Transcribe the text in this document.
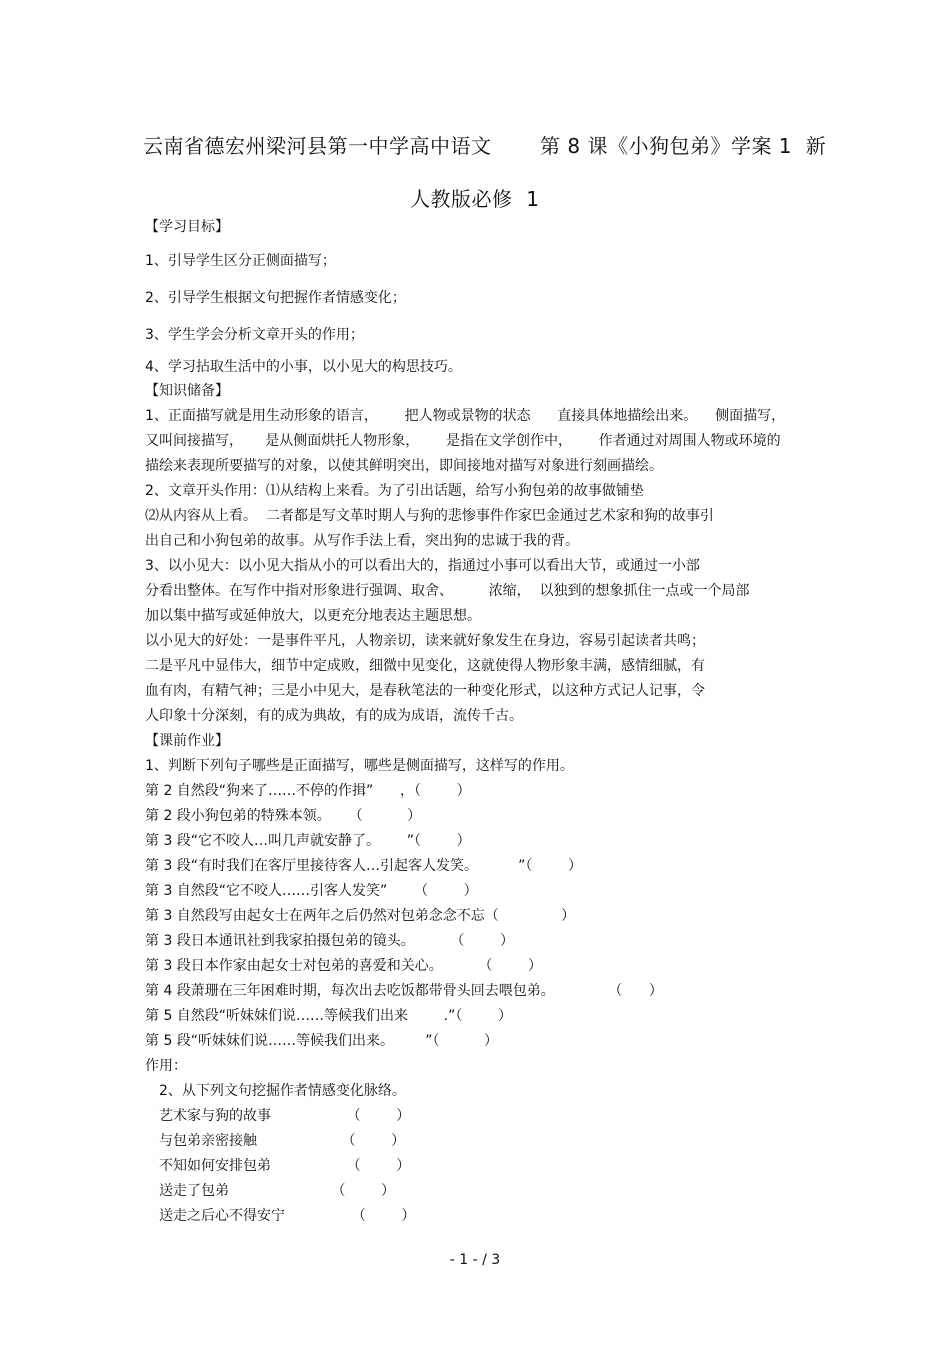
云南省德宏州梁河县第一中学高中语文 第 8 课《小狗包弟》学案 1  新
人教版必修  1
【学习目标】
1、引导学生区分正侧面描写；
2、引导学生根据文句把握作者情感变化；
3、学生学会分析文章开头的作用；
4、学习拈取生活中的小事，以小见大的构思技巧。
【知识储备】
1、正面描写就是用生动形象的语言，      把人物或景物的状态      直接具体地描绘出来。    侧面描写，
又叫间接描写，     是从侧面烘托人物形象，      是指在文学创作中，      作者通过对周围人物或环境的
描绘来表现所要描写的对象，以使其鲜明突出，即间接地对描写对象进行刻画描绘。
2、文章开头作用：⑴从结构上来看。为了引出话题，给写小狗包弟的故事做铺垫
⑵从内容从上看。  二者都是写文革时期人与狗的悲惨事件作家巴金通过艺术家和狗的故事引
出自己和小狗包弟的故事。从写作手法上看，突出狗的忠诚于我的背。
3、以小见大：以小见大指从小的可以看出大的，指通过小事可以看出大节，或通过一小部
分看出整体。在写作中指对形象进行强调、取舍、        浓缩，  以独到的想象抓住一点或一个局部
加以集中描写或延伸放大，以更充分地表达主题思想。
以小见大的好处：一是事件平凡，人物亲切，读来就好象发生在身边，容易引起读者共鸣；
二是平凡中显伟大，细节中定成败，细微中见变化，这就使得人物形象丰满，感情细腻，有
血有肉，有精气神；三是小中见大，是春秋笔法的一种变化形式，以这种方式记人记事，令
人印象十分深刻，有的成为典故，有的成为成语，流传千古。
【课前作业】
1、判断下列句子哪些是正面描写，哪些是侧面描写，这样写的作用。
第 2 自然段“狗来了……不停的作揖”      ，（        ）
第 2 段小狗包弟的特殊本领。    （          ）
第 3 段“它不咬人…叫几声就安静了。      ”（        ）
第 3 段“有时我们在客厅里接待客人…引起客人发笑。         ”（        ）
第 3 自然段“它不咬人……引客人发笑”      （        ）
第 3 自然段写由起女士在两年之后仍然对包弟念念不忘（              ）
第 3 段日本通讯社到我家拍摄包弟的镜头。        （        ）
第 3 段日本作家由起女士对包弟的喜爱和关心。        （        ）
第 4 段萧珊在三年困难时期，每次出去吃饭都带骨头回去喂包弟。            （      ）
第 5 自然段“听妹妹们说……等候我们出来        .”（        ）
第 5 段“听妹妹们说……等候我们出来。       ”（          ）
作用：
2、从下列文句挖掘作者情感变化脉络。
艺术家与狗的故事                 （        ）
与包弟亲密接触                   （        ）
不知如何安排包弟                 （        ）
送走了包弟                       （        ）
送走之后心不得安宁               （        ）
- 1 - / 3
